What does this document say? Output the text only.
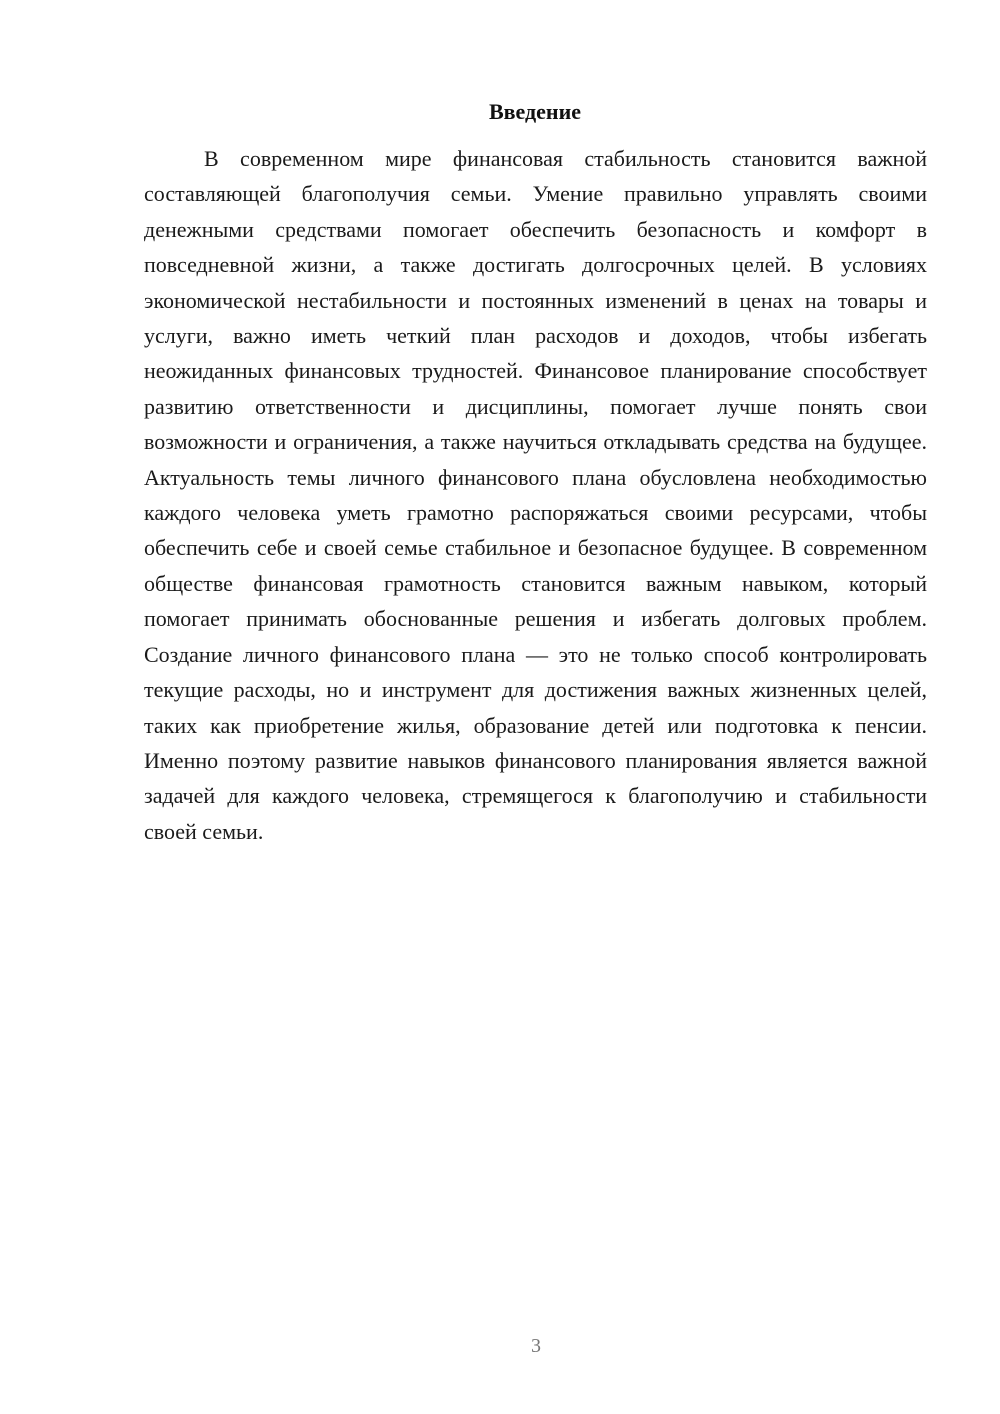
Введение

В современном мире финансовая стабильность становится важной составляющей благополучия семьи. Умение правильно управлять своими денежными средствами помогает обеспечить безопасность и комфорт в повседневной жизни, а также достигать долгосрочных целей. В условиях экономической нестабильности и постоянных изменений в ценах на товары и услуги, важно иметь четкий план расходов и доходов, чтобы избегать неожиданных финансовых трудностей. Финансовое планирование способствует развитию ответственности и дисциплины, помогает лучше понять свои возможности и ограничения, а также научиться откладывать средства на будущее. Актуальность темы личного финансового плана обусловлена необходимостью каждого человека уметь грамотно распоряжаться своими ресурсами, чтобы обеспечить себе и своей семье стабильное и безопасное будущее. В современном обществе финансовая грамотность становится важным навыком, который помогает принимать обоснованные решения и избегать долговых проблем. Создание личного финансового плана — это не только способ контролировать текущие расходы, но и инструмент для достижения важных жизненных целей, таких как приобретение жилья, образование детей или подготовка к пенсии. Именно поэтому развитие навыков финансового планирования является важной задачей для каждого человека, стремящегося к благополучию и стабильности своей семьи.

3
